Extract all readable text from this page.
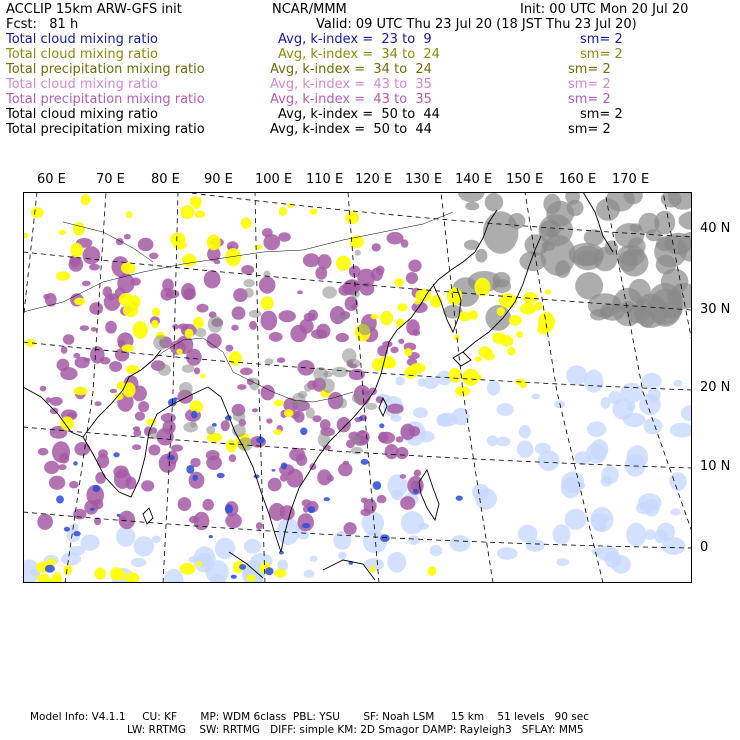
ACCLIP 15km ARW-GFS init	NCAR/MMM	Init: 00 UTC Mon 20 Jul 20
Fcst:   81 h	Valid: 09 UTC Thu 23 Jul 20 (18 JST Thu 23 Jul 20)
Total cloud mixing ratio	Avg, k-index =  23 to  9	sm= 2
Total cloud mixing ratio	Avg, k-index =  34 to  24	sm= 2
Total precipitation mixing ratio	Avg, k-index =  34 to  24	sm= 2
Total cloud mixing ratio	Avg, k-index =  43 to  35	sm= 2
Total precipitation mixing ratio	Avg, k-index =  43 to  35	sm= 2
Total cloud mixing ratio	Avg, k-index =  50 to  44	sm= 2
Total precipitation mixing ratio	Avg, k-index =  50 to  44	sm= 2
60 E 70 E 80 E 90 E 100 E 110 E 120 E 130 E 140 E 150 E 160 E 170 E
40 N
30 N
20 N
10 N
0
Model Info: V4.1.1     CU: KF       MP: WDM 6class  PBL: YSU       SF: Noah LSM     15 km    51 levels   90 sec
LW: RRTMG    SW: RRTMG   DIFF: simple KM: 2D Smagor DAMP: Rayleigh3   SFLAY: MM5
